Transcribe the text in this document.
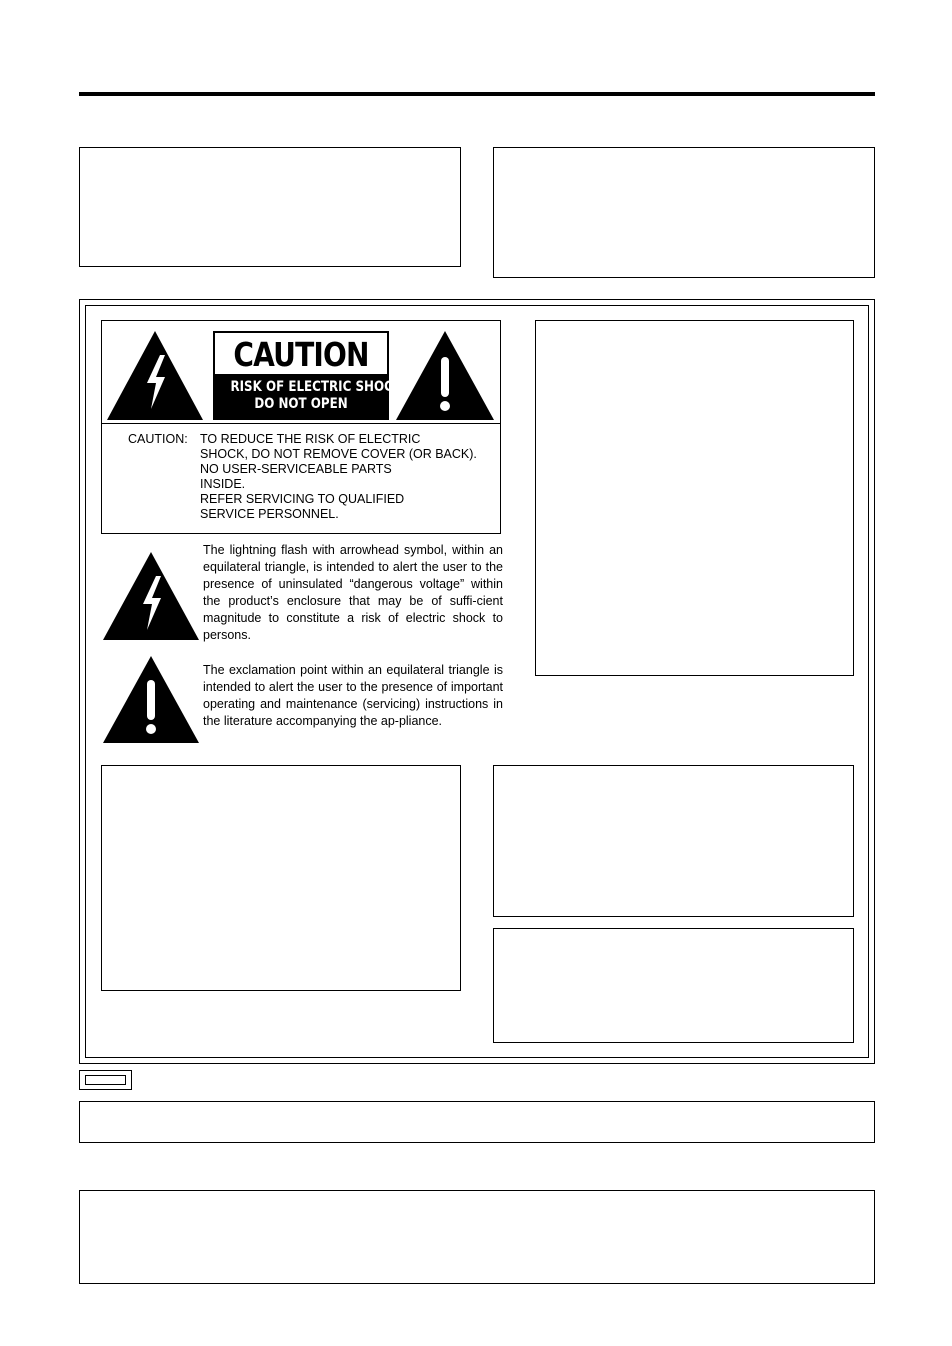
CAUTION
RISK OF ELECTRIC SHOCK
DO NOT OPEN
CAUTION: TO REDUCE THE RISK OF ELECTRIC
SHOCK, DO NOT REMOVE COVER (OR BACK).
NO USER-SERVICEABLE PARTS
INSIDE.
REFER SERVICING TO QUALIFIED
SERVICE PERSONNEL.
The lightning flash with arrowhead symbol, within an equilateral triangle, is intended to alert the user to the presence of uninsulated “dangerous voltage” within the product’s enclosure that may be of suffi-cient magnitude to constitute a risk of electric shock to persons.
The exclamation point within an equilateral triangle is intended to alert the user to the presence of important operating and maintenance (servicing) instructions in the literature accompanying the ap-pliance.
